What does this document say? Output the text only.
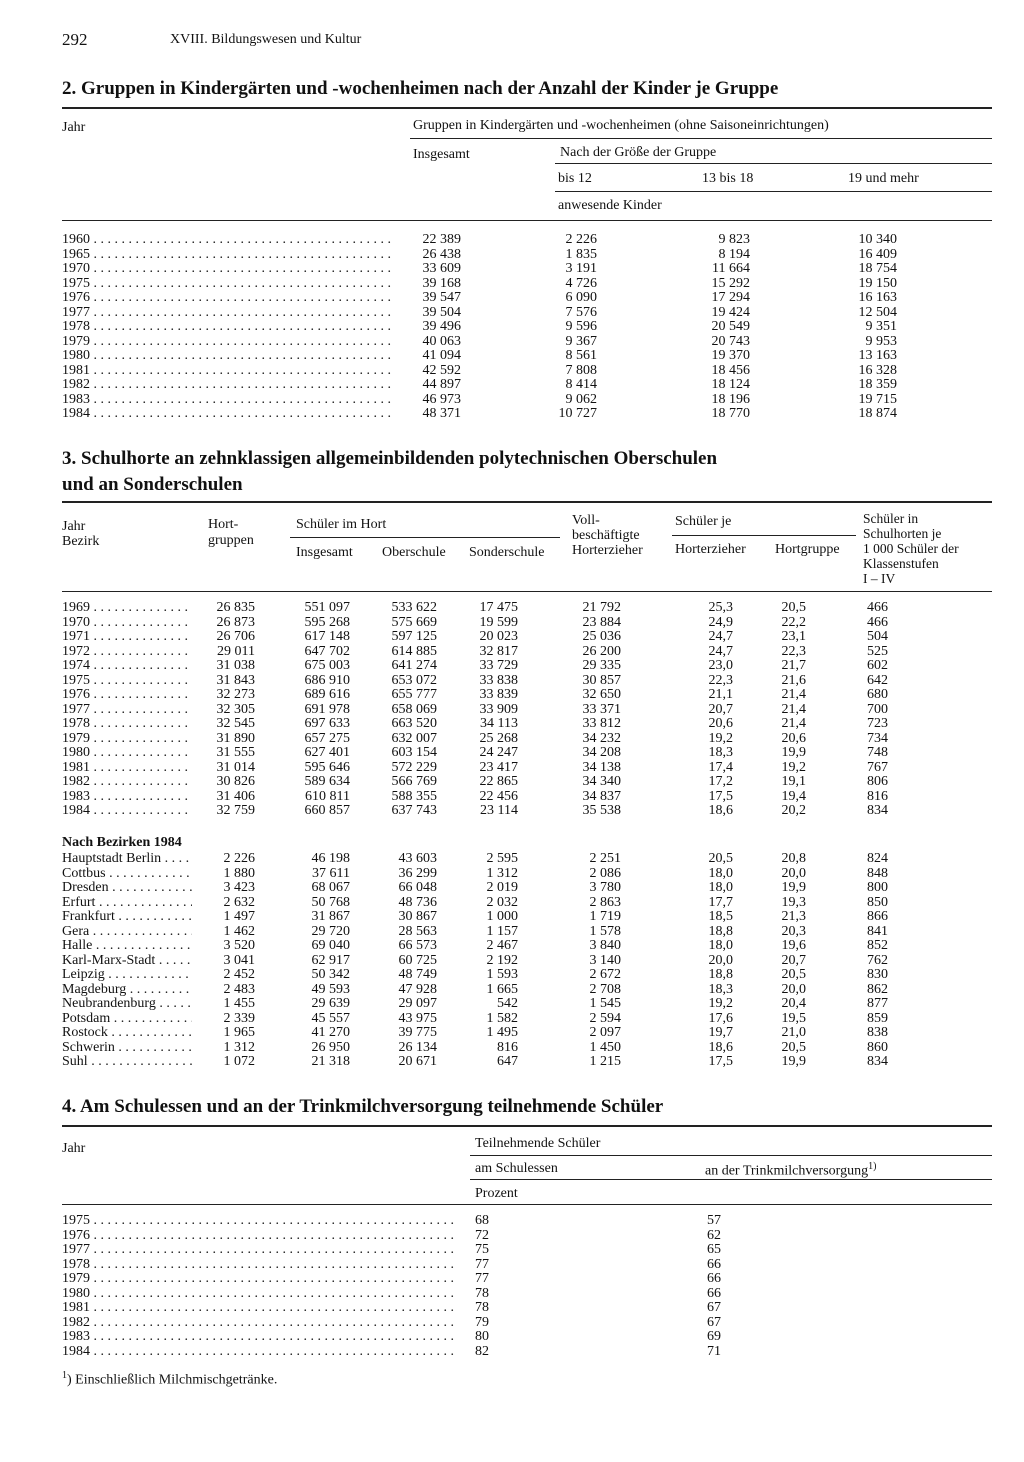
292	XVIII. Bildungswesen und Kultur
2. Gruppen in Kindergärten und -wochenheimen nach der Anzahl der Kinder je Gruppe
Jahr	Gruppen in Kindergärten und -wochenheimen (ohne Saisoneinrichtungen)
Insgesamt	Nach der Größe der Gruppe
bis 12	13 bis 18	19 und mehr
anwesende Kinder
1960 . . .	22 389	2 226	9 823	10 340
1965 . . .	26 438	1 835	8 194	16 409
1970 . . .	33 609	3 191	11 664	18 754
1975 . . .	39 168	4 726	15 292	19 150
1976 . . .	39 547	6 090	17 294	16 163
1977 . . .	39 504	7 576	19 424	12 504
1978 . . .	39 496	9 596	20 549	9 351
1979 . . .	40 063	9 367	20 743	9 953
1980 . . .	41 094	8 561	19 370	13 163
1981 . . .	42 592	7 808	18 456	16 328
1982 . . .	44 897	8 414	18 124	18 359
1983 . . .	46 973	9 062	18 196	19 715
1984 . . .	48 371	10 727	18 770	18 874
3. Schulhorte an zehnklassigen allgemeinbildenden polytechnischen Oberschulen
und an Sonderschulen
Jahr
Bezirk
Hort-
gruppen
Schüler im Hort
Insgesamt Oberschule Sonderschule
Voll-
beschäftigte
Horterzieher
Schüler je
Horterzieher Hortgruppe
Schüler in
Schulhorten je
1 000 Schüler der
Klassenstufen
I – IV
1969 . . .	26 835	551 097	533 622	17 475	21 792	25,3	20,5	466
1970 . . .	26 873	595 268	575 669	19 599	23 884	24,9	22,2	466
1971 . . .	26 706	617 148	597 125	20 023	25 036	24,7	23,1	504
1972 . . .	29 011	647 702	614 885	32 817	26 200	24,7	22,3	525
1974 . . .	31 038	675 003	641 274	33 729	29 335	23,0	21,7	602
1975 . . .	31 843	686 910	653 072	33 838	30 857	22,3	21,6	642
1976 . . .	32 273	689 616	655 777	33 839	32 650	21,1	21,4	680
1977 . . .	32 305	691 978	658 069	33 909	33 371	20,7	21,4	700
1978 . . .	32 545	697 633	663 520	34 113	33 812	20,6	21,4	723
1979 . . .	31 890	657 275	632 007	25 268	34 232	19,2	20,6	734
1980 . . .	31 555	627 401	603 154	24 247	34 208	18,3	19,9	748
1981 . . .	31 014	595 646	572 229	23 417	34 138	17,4	19,2	767
1982 . . .	30 826	589 634	566 769	22 865	34 340	17,2	19,1	806
1983 . . .	31 406	610 811	588 355	22 456	34 837	17,5	19,4	816
1984 . . .	32 759	660 857	637 743	23 114	35 538	18,6	20,2	834
Nach Bezirken 1984
Hauptstadt Berlin . . .	2 226	46 198	43 603	2 595	2 251	20,5	20,8	824
Cottbus . . .	1 880	37 611	36 299	1 312	2 086	18,0	20,0	848
Dresden . . .	3 423	68 067	66 048	2 019	3 780	18,0	19,9	800
Erfurt . . .	2 632	50 768	48 736	2 032	2 863	17,7	19,3	850
Frankfurt . . .	1 497	31 867	30 867	1 000	1 719	18,5	21,3	866
Gera . . .	1 462	29 720	28 563	1 157	1 578	18,8	20,3	841
Halle . . .	3 520	69 040	66 573	2 467	3 840	18,0	19,6	852
Karl-Marx-Stadt . . .	3 041	62 917	60 725	2 192	3 140	20,0	20,7	762
Leipzig . . .	2 452	50 342	48 749	1 593	2 672	18,8	20,5	830
Magdeburg . . .	2 483	49 593	47 928	1 665	2 708	18,3	20,0	862
Neubrandenburg . . .	1 455	29 639	29 097	542	1 545	19,2	20,4	877
Potsdam . . .	2 339	45 557	43 975	1 582	2 594	17,6	19,5	859
Rostock . . .	1 965	41 270	39 775	1 495	2 097	19,7	21,0	838
Schwerin . . .	1 312	26 950	26 134	816	1 450	18,6	20,5	860
Suhl . . .	1 072	21 318	20 671	647	1 215	17,5	19,9	834
4. Am Schulessen und an der Trinkmilchversorgung teilnehmende Schüler
Jahr	Teilnehmende Schüler
am Schulessen	an der Trinkmilchversorgung$^{1)}$
Prozent
1975 . . .	68	57
1976 . . .	72	62
1977 . . .	75	65
1978 . . .	77	66
1979 . . .	77	66
1980 . . .	78	66
1981 . . .	78	67
1982 . . .	79	67
1983 . . .	80	69
1984 . . .	82	71
$^1$) Einschließlich Milchmischgetränke.
